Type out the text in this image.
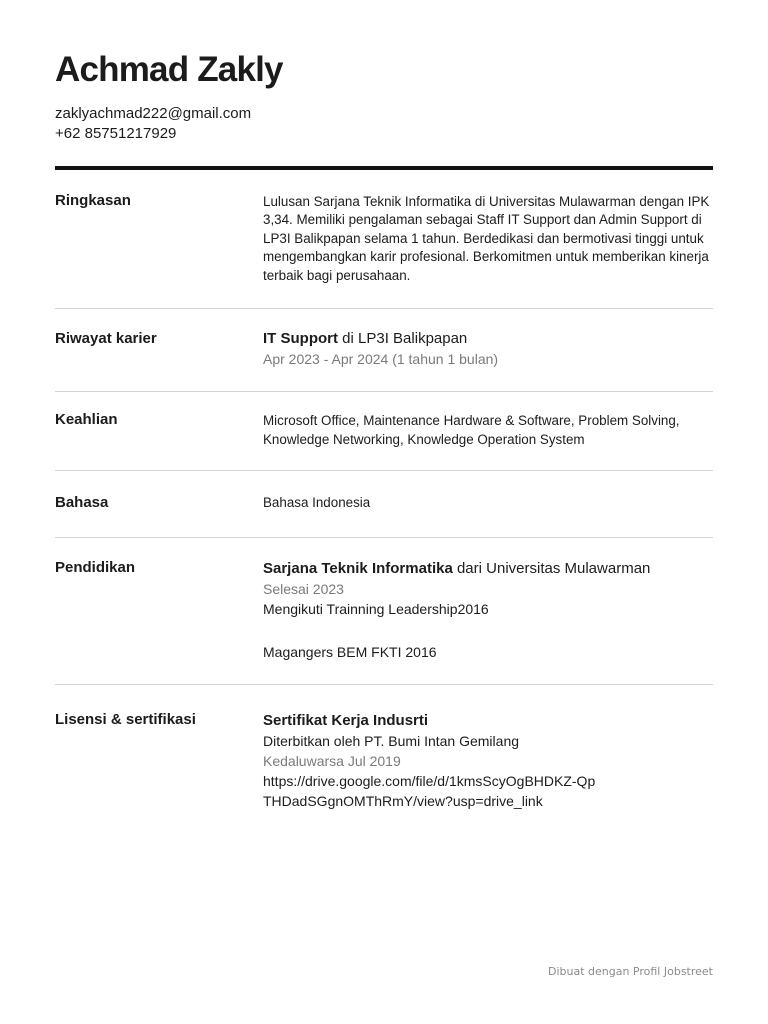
Achmad Zakly
zaklyachmad222@gmail.com
+62 85751217929
Ringkasan	Lulusan Sarjana Teknik Informatika di Universitas Mulawarman dengan IPK 3,34. Memiliki pengalaman sebagai Staff IT Support dan Admin Support di LP3I Balikpapan selama 1 tahun. Berdedikasi dan bermotivasi tinggi untuk mengembangkan karir profesional. Berkomitmen untuk memberikan kinerja terbaik bagi perusahaan.

Riwayat karier	IT Support di LP3I Balikpapan
Apr 2023 - Apr 2024 (1 tahun 1 bulan)
Keahlian	Microsoft Office, Maintenance Hardware & Software, Problem Solving, Knowledge Networking, Knowledge Operation System

Bahasa	Bahasa Indonesia
Pendidikan	Sarjana Teknik Informatika dari Universitas Mulawarman
Selesai 2023
Mengikuti Trainning Leadership2016
Magangers BEM FKTI 2016
Lisensi & sertifikasi	Sertifikat Kerja Indusrti
Diterbitkan oleh PT. Bumi Intan Gemilang
Kedaluwarsa Jul 2019
https://drive.google.com/file/d/1kmsScyOgBHDKZ-QpTHDadSGgnOMThRmY/view?usp=drive_link
Dibuat dengan Profil Jobstreet
